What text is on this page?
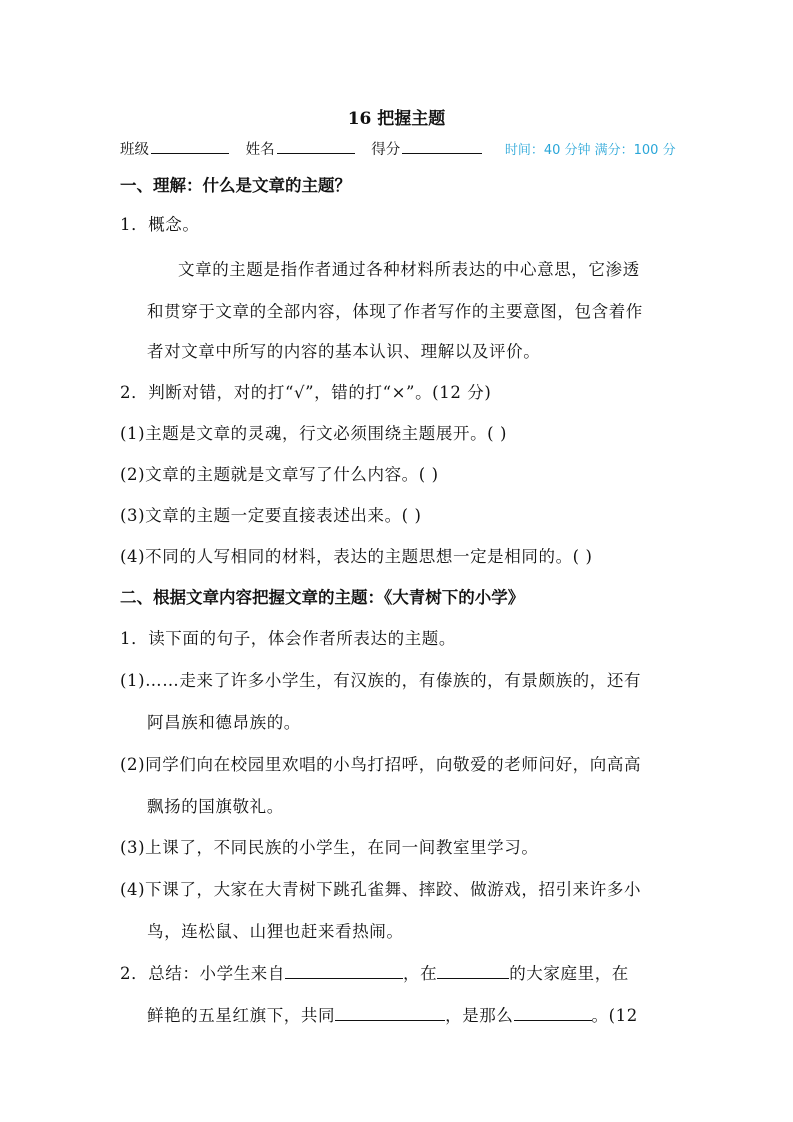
16 把握主题
班级	姓名	得分	时间：40 分钟 满分：100 分
一、理解：什么是文章的主题？
1．概念。
文章的主题是指作者通过各种材料所表达的中心意思，它渗透
和贯穿于文章的全部内容，体现了作者写作的主要意图，包含着作
者对文章中所写的内容的基本认识、理解以及评价。
2．判断对错，对的打“√”，错的打“×”。(12 分)
(1)主题是文章的灵魂，行文必须围绕主题展开。( )
(2)文章的主题就是文章写了什么内容。( )
(3)文章的主题一定要直接表述出来。( )
(4)不同的人写相同的材料，表达的主题思想一定是相同的。( )
二、根据文章内容把握文章的主题：《大青树下的小学》
1．读下面的句子，体会作者所表达的主题。
(1)……走来了许多小学生，有汉族的，有傣族的，有景颇族的，还有
阿昌族和德昂族的。
(2)同学们向在校园里欢唱的小鸟打招呼，向敬爱的老师问好，向高高
飘扬的国旗敬礼。
(3)上课了，不同民族的小学生，在同一间教室里学习。
(4)下课了，大家在大青树下跳孔雀舞、摔跤、做游戏，招引来许多小
鸟，连松鼠、山狸也赶来看热闹。
2．总结：小学生来自	，在	的大家庭里，在
鲜艳的五星红旗下，共同	，是那么	。(12
